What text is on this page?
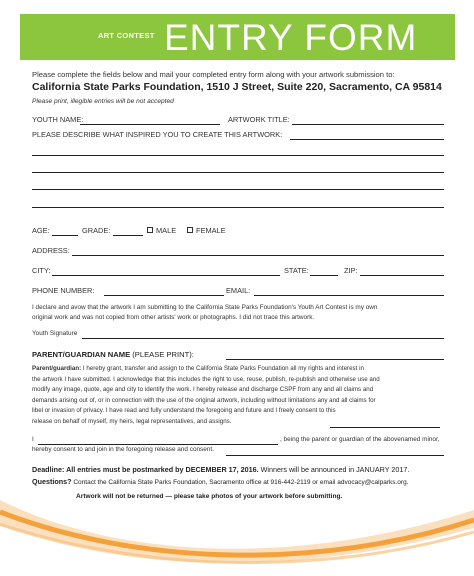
ART CONTEST ENTRY FORM
Please complete the fields below and mail your completed entry form along with your artwork submission to:
California State Parks Foundation, 1510 J Street, Suite 220, Sacramento, CA 95814
Please print, illegible entries will be not accepted
YOUTH NAME:	ARTWORK TITLE:
PLEASE DESCRIBE WHAT INSPIRED YOU TO CREATE THIS ARTWORK:
AGE:	GRADE:	MALE	FEMALE
ADDRESS:
CITY:	STATE:	ZIP:
PHONE NUMBER:	EMAIL:
I declare and avow that the artwork I am submitting to the California State Parks Foundation's Youth Art Contest is my own
original work and was not copied from other artists' work or photographs. I did not trace this artwork.
Youth Signature
PARENT/GUARDIAN NAME (PLEASE PRINT):
Parent/guardian: I hereby grant, transfer and assign to the California State Parks Foundation all my rights and interest in
the artwork I have submitted. I acknowledge that this includes the right to use, reuse, publish, re-publish and otherwise use and
modify any image, quote, age and city to identify the work. I hereby release and discharge CSPF from any and all claims and
demands arising out of, or in connection with the use of the original artwork, including without limitations any and all claims for
libel or invasion of privacy. I have read and fully understand the foregoing and future and I freely consent to this
release on behalf of myself, my heirs, legal representatives, and assigns.
I	, being the parent or guardian of the abovenamed minor,
hereby consent to and join in the foregoing release and consent.
Deadline: All entries must be postmarked by DECEMBER 17, 2016. Winners will be announced in JANUARY 2017.
Questions? Contact the California State Parks Foundation, Sacramento office at 916-442-2119 or email advocacy@calparks.org.
Artwork will not be returned — please take photos of your artwork before submitting.
